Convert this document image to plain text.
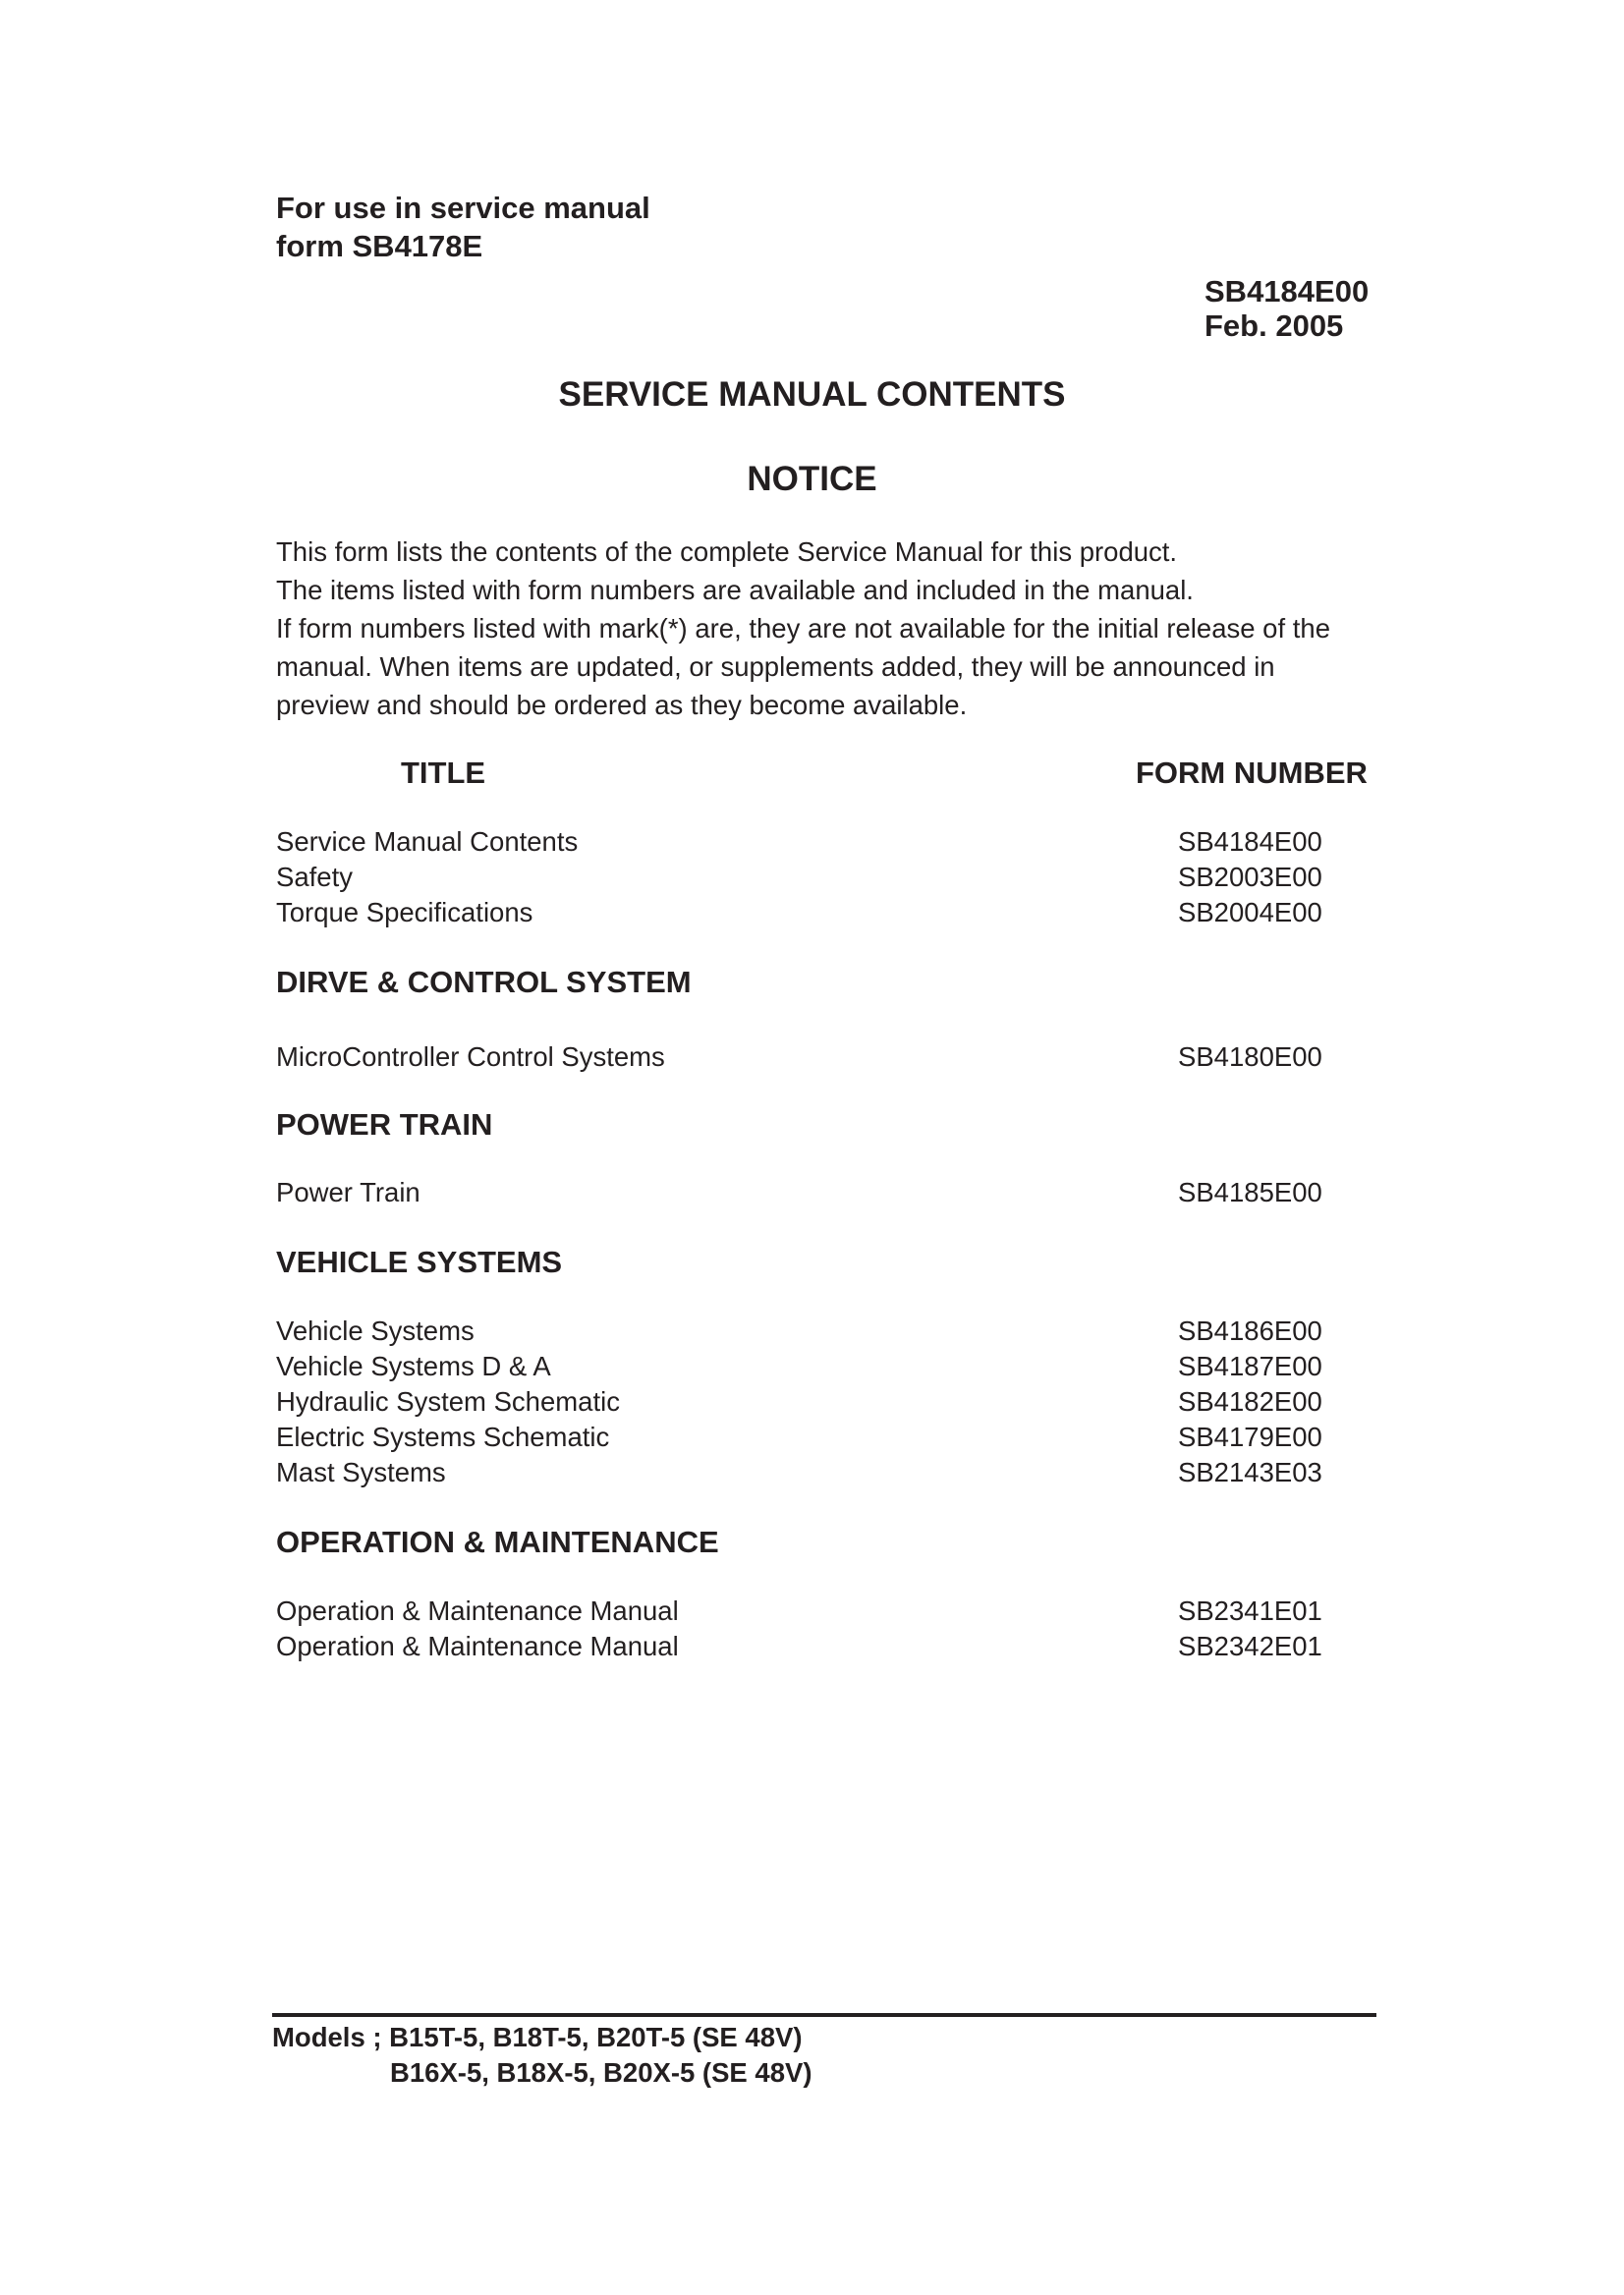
For use in service manual
form SB4178E
SB4184E00
Feb. 2005
SERVICE MANUAL CONTENTS
NOTICE
This form lists the contents of the complete Service Manual for this product.
The items listed with form numbers are available and included in the manual.
If form numbers listed with mark(*) are, they are not available for the initial release of the
manual. When items are updated, or supplements added, they will be announced in
preview and should be ordered as they become available.
TITLE	FORM NUMBER
Service Manual Contents	SB4184E00
Safety	SB2003E00
Torque Specifications	SB2004E00
DIRVE & CONTROL SYSTEM
MicroController Control Systems	SB4180E00
POWER TRAIN
Power Train	SB4185E00
VEHICLE SYSTEMS
Vehicle Systems	SB4186E00
Vehicle Systems D & A	SB4187E00
Hydraulic System Schematic	SB4182E00
Electric Systems Schematic	SB4179E00
Mast Systems	SB2143E03
OPERATION & MAINTENANCE
Operation & Maintenance Manual	SB2341E01
Operation & Maintenance Manual	SB2342E01
Models ; B15T-5, B18T-5, B20T-5 (SE 48V)
B16X-5, B18X-5, B20X-5 (SE 48V)
